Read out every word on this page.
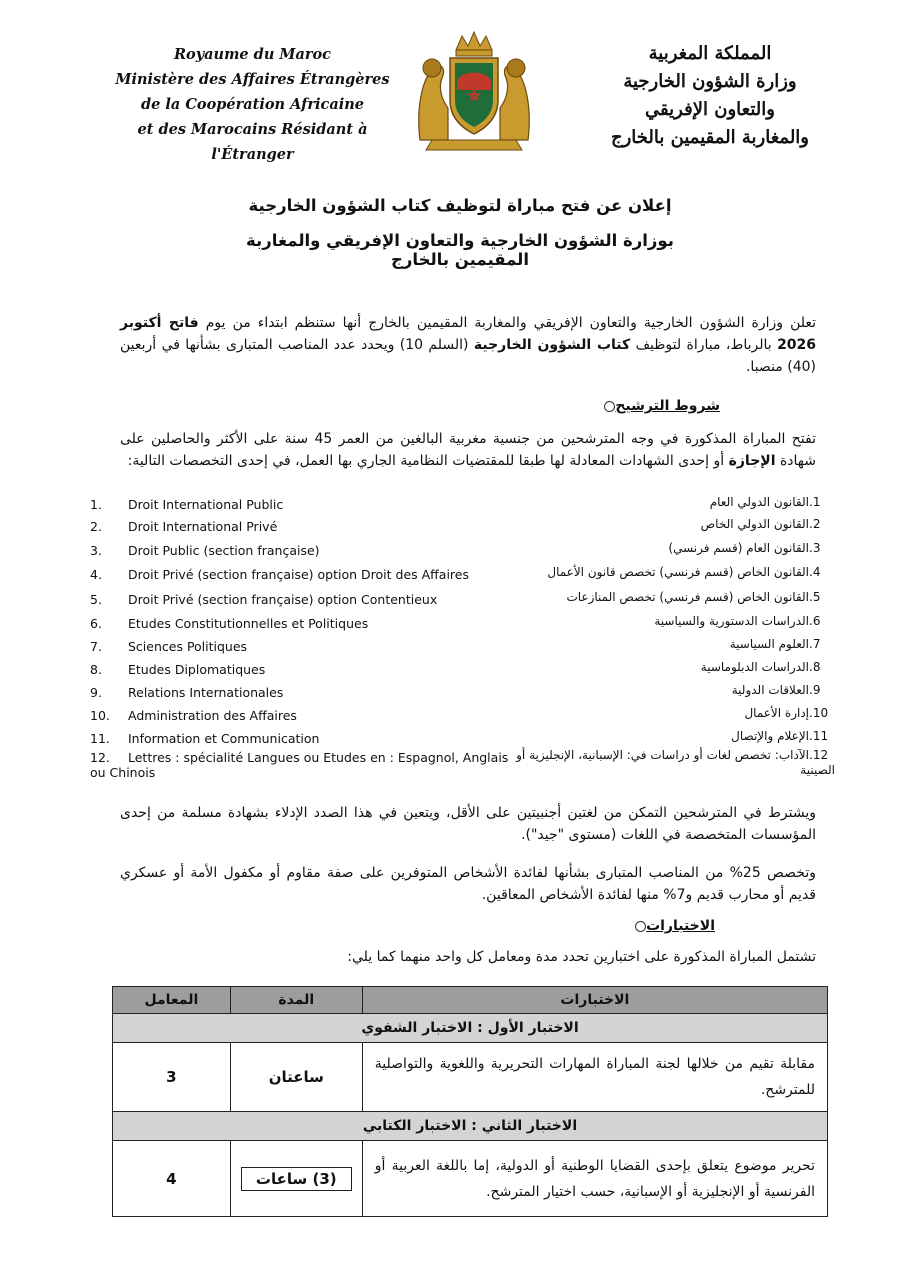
Royaume du Maroc
Ministère des Affaires Étrangères
de la Coopération Africaine
et des Marocains Résidant à l'Étranger
المملكة المغربية
وزارة الشؤون الخارجية
والتعاون الإفريقي
والمغاربة المقيمين بالخارج
إعلان عن فتح مباراة لتوظيف كتاب الشؤون الخارجية
بوزارة الشؤون الخارجية والتعاون الإفريقي والمغاربة المقيمين بالخارج
تعلن وزارة الشؤون الخارجية والتعاون الإفريقي والمغاربة المقيمين بالخارج أنها ستنظم ابتداء من يوم فاتح أكتوبر 2026 بالرباط، مباراة لتوظيف كتاب الشؤون الخارجية (السلم 10) ويحدد عدد المناصب المتبارى بشأنها في أربعين (40) منصبا.
شروط الترشيح
تفتح المباراة المذكورة في وجه المترشحين من جنسية مغربية البالغين من العمر 45 سنة على الأكثر والحاصلين على شهادة الإجازة أو إحدى الشهادات المعادلة لها طبقا للمقتضيات النظامية الجاري بها العمل، في إحدى التخصصات التالية:
1. Droit International Public	1.القانون الدولي العام
2. Droit International Privé	2.القانون الدولي الخاص
3. Droit Public (section française)	3.القانون العام (قسم فرنسي)
4. Droit Privé (section française) option Droit des Affaires	4.القانون الخاص (قسم فرنسي) تخصص قانون الأعمال
5. Droit Privé (section française) option Contentieux	5.القانون الخاص (قسم فرنسي) تخصص المنازعات
6. Etudes Constitutionnelles et Politiques	6.الدراسات الدستورية والسياسية
7. Sciences Politiques	7.العلوم السياسية
8. Etudes Diplomatiques	8.الدراسات الدبلوماسية
9. Relations Internationales	9.العلاقات الدولية
10. Administration des Affaires	10.إدارة الأعمال
11. Information et Communication	11.الإعلام والإتصال
12. Lettres : spécialité Langues ou Etudes en : Espagnol, Anglais ou Chinois
12.الآداب: تخصص لغات أو دراسات في: الإسبانية، الإنجليزية أو الصينية
ويشترط في المترشحين التمكن من لغتين أجنبيتين على الأقل، ويتعين في هذا الصدد الإدلاء بشهادة مسلمة من إحدى المؤسسات المتخصصة في اللغات (مستوى "جيد").
وتخصص 25% من المناصب المتبارى بشأنها لفائدة الأشخاص المتوفرين على صفة مقاوم أو مكفول الأمة أو عسكري قديم أو محارب قديم و7% منها لفائدة الأشخاص المعاقين.
الاختبارات
تشتمل المباراة المذكورة على اختبارين تحدد مدة ومعامل كل واحد منهما كما يلي:
الاختبارات	المدة	المعامل
الاختبار الأول : الاختبار الشفوي		
مقابلة تقيم من خلالها لجنة المباراة المهارات التحريرية واللغوية والتواصلية للمترشح.	ساعتان	3
الاختبار الثاني : الاختبار الكتابي		
تحرير موضوع يتعلق بإحدى القضايا الوطنية أو الدولية، إما باللغة العربية أو الفرنسية أو الإنجليزية أو الإسبانية، حسب اختيار المترشح.	(3) ساعات	4
